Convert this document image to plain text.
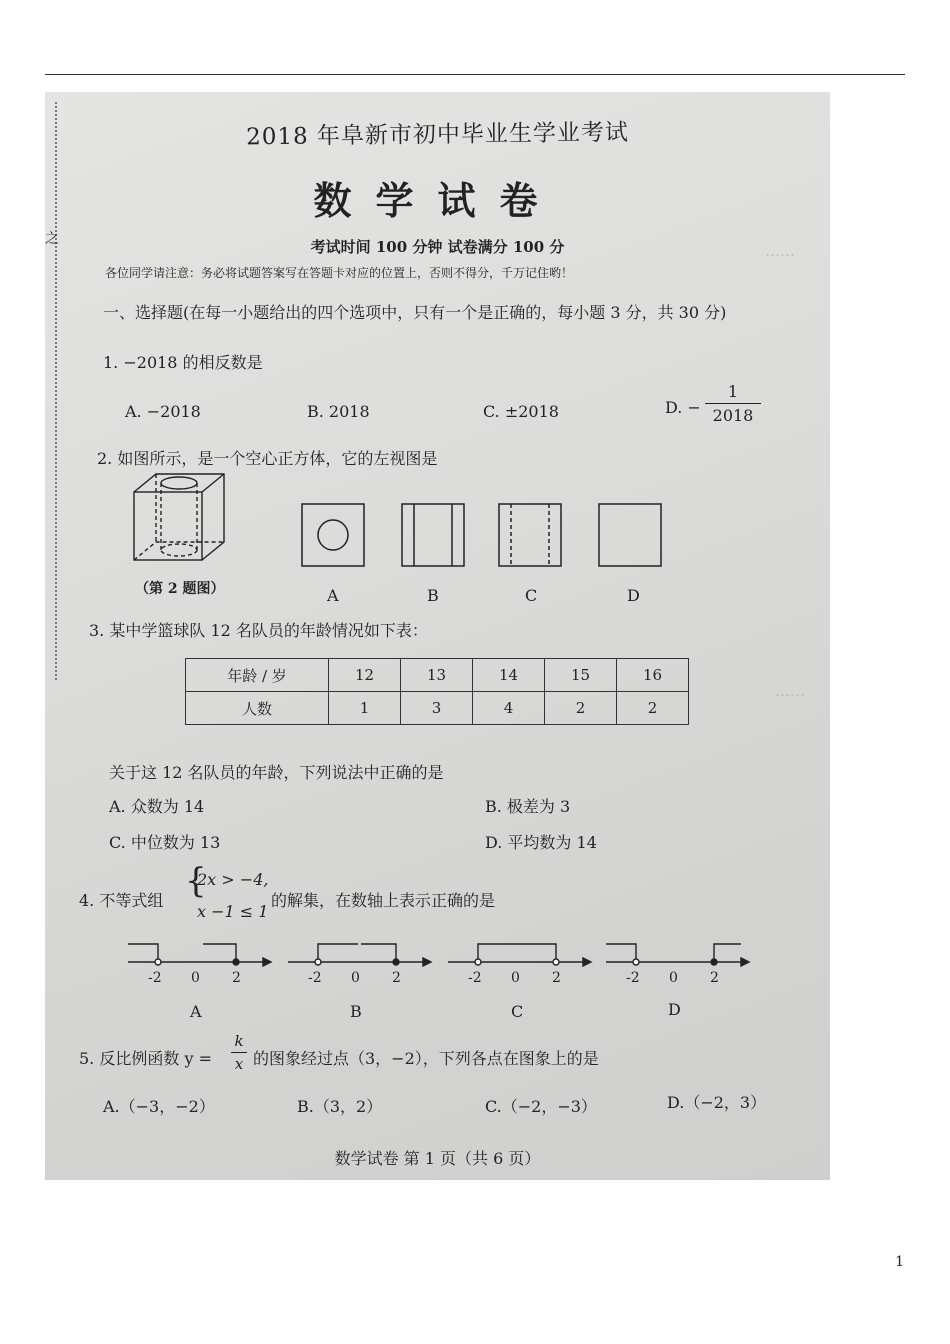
之
……
……
2018 年阜新市初中毕业生学业考试
数学试卷
考试时间 100 分钟 试卷满分 100 分
各位同学请注意：务必将试题答案写在答题卡对应的位置上，否则不得分，千万记住哟！
一、选择题(在每一小题给出的四个选项中，只有一个是正确的，每小题 3 分，共 30 分)
1. −2018 的相反数是
A. −2018	B. 2018	C. ±2018	D. −
1
2018
2. 如图所示，是一个空心正方体，它的左视图是
（第 2 题图）	A	B	C	D
3. 某中学篮球队 12 名队员的年龄情况如下表：
年龄 / 岁	12	13	14	15	16
人数	1	3	4	2	2
关于这 12 名队员的年龄，下列说法中正确的是
A. 众数为 14	B. 极差为 3
C. 中位数为 13	D. 平均数为 14
4. 不等式组 {
2x > −4,
x −1 ≤ 1
的解集，在数轴上表示正确的是
-2 0 2	-2 0 2	-2 0 2	-2 0 2
A	B	C	D
5. 反比例函数 y =
k
x 的图象经过点（3，−2），下列各点在图象上的是
A.（−3，−2）	B.（3，2）	C.（−2，−3）	D.（−2，3）
数学试卷 第 1 页（共 6 页）
1
